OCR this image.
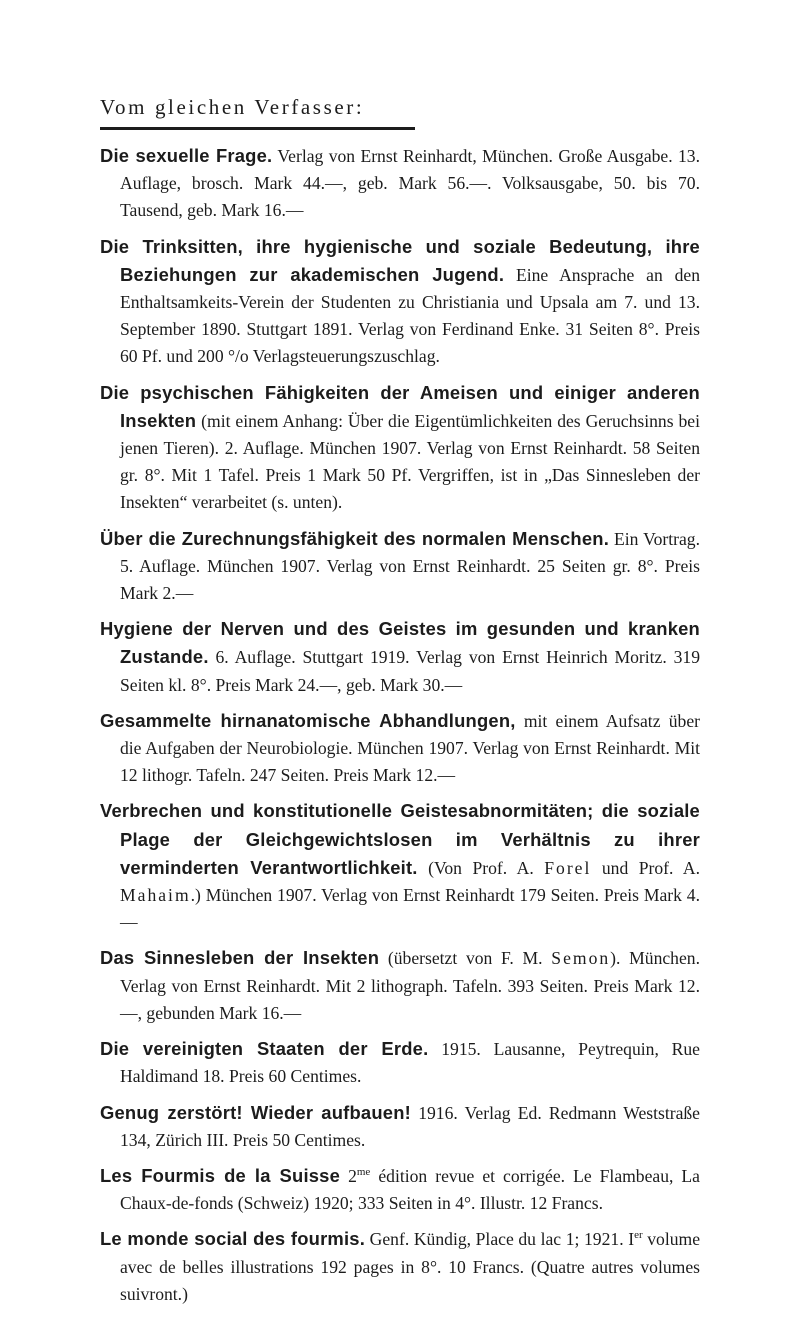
Vom gleichen Verfasser:

Die sexuelle Frage. Verlag von Ernst Reinhardt, München. Große Ausgabe. 13. Auflage, brosch. Mark 44.—, geb. Mark 56.—. Volksausgabe, 50. bis 70. Tausend, geb. Mark 16.—

Die Trinksitten, ihre hygienische und soziale Bedeutung, ihre Beziehungen zur akademischen Jugend. Eine Ansprache an den Enthaltsamkeits-Verein der Studenten zu Christiania und Upsala am 7. und 13. September 1890. Stuttgart 1891. Verlag von Ferdinand Enke. 31 Seiten 8°. Preis 60 Pf. und 200 °/o Verlagsteuerungszuschlag.

Die psychischen Fähigkeiten der Ameisen und einiger anderen Insekten (mit einem Anhang: Über die Eigentümlichkeiten des Geruchsinns bei jenen Tieren). 2. Auflage. München 1907. Verlag von Ernst Reinhardt. 58 Seiten gr. 8°. Mit 1 Tafel. Preis 1 Mark 50 Pf. Vergriffen, ist in „Das Sinnesleben der Insekten“ verarbeitet (s. unten).

Über die Zurechnungsfähigkeit des normalen Menschen. Ein Vortrag. 5. Auflage. München 1907. Verlag von Ernst Reinhardt. 25 Seiten gr. 8°. Preis Mark 2.—

Hygiene der Nerven und des Geistes im gesunden und kranken Zustande. 6. Auflage. Stuttgart 1919. Verlag von Ernst Heinrich Moritz. 319 Seiten kl. 8°. Preis Mark 24.—, geb. Mark 30.—

Gesammelte hirnanatomische Abhandlungen, mit einem Aufsatz über die Aufgaben der Neurobiologie. München 1907. Verlag von Ernst Reinhardt. Mit 12 lithogr. Tafeln. 247 Seiten. Preis Mark 12.—

Verbrechen und konstitutionelle Geistesabnormitäten; die soziale Plage der Gleichgewichtslosen im Verhältnis zu ihrer verminderten Verantwortlichkeit. (Von Prof. A. Forel und Prof. A. Mahaim.) München 1907. Verlag von Ernst Reinhardt 179 Seiten. Preis Mark 4.—

Das Sinnesleben der Insekten (übersetzt von F. M. Semon). München. Verlag von Ernst Reinhardt. Mit 2 lithograph. Tafeln. 393 Seiten. Preis Mark 12.—, gebunden Mark 16.—

Die vereinigten Staaten der Erde. 1915. Lausanne, Peytrequin, Rue Haldimand 18. Preis 60 Centimes.

Genug zerstört! Wieder aufbauen! 1916. Verlag Ed. Redmann Weststraße 134, Zürich III. Preis 50 Centimes.

Les Fourmis de la Suisse $2^{me}$ édition revue et corrigée. Le Flambeau, La Chaux-de-fonds (Schweiz) 1920; 333 Seiten in 4°. Illustr. 12 Francs.

Le monde social des fourmis. Genf. Kündig, Place du lac 1; 1921. Ier volume avec de belles illustrations 192 pages in 8°. 10 Francs. (Quatre autres volumes suivront.)
